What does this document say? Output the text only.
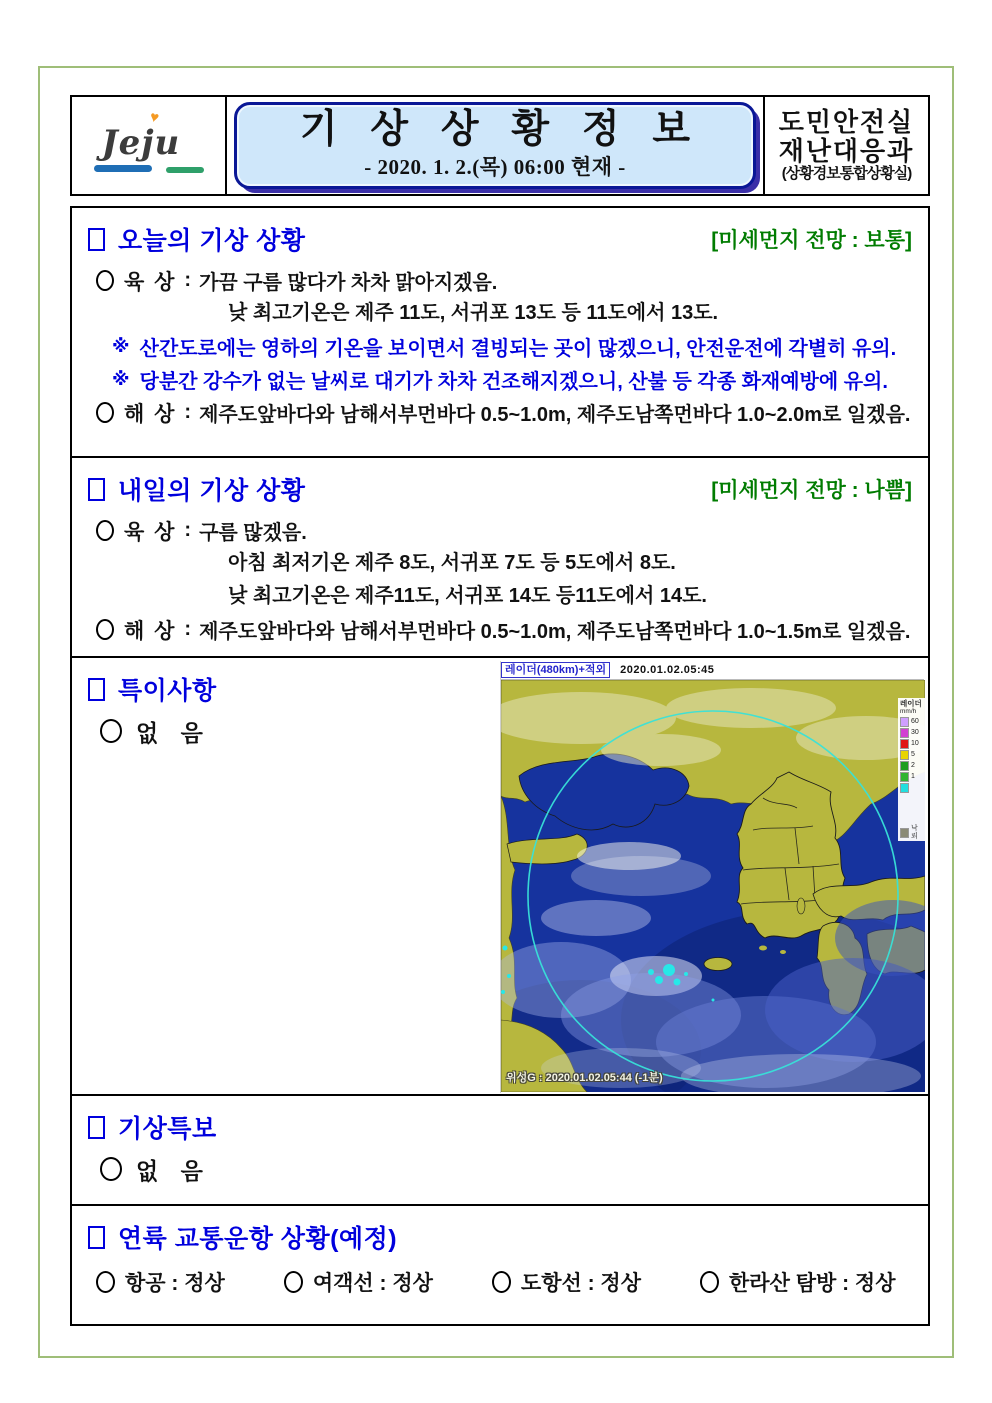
Jeju
♥	기 상 상 황 정 보
- 2020. 1. 2.(목) 06:00 현재 -
도민안전실
재난대응과
(상황경보통합상황실)
오늘의 기상 상황	[미세먼지 전망 : 보통]
육 상 : 가끔 구름 많다가 차차 맑아지겠음.
낮 최고기온은 제주 11도, 서귀포 13도 등 11도에서 13도.
※ 산간도로에는 영하의 기온을 보이면서 결빙되는 곳이 많겠으니, 안전운전에 각별히 유의.
※ 당분간 강수가 없는 날씨로 대기가 차차 건조해지겠으니, 산불 등 각종 화재예방에 유의.
해 상 : 제주도앞바다와 남해서부먼바다 0.5~1.0m, 제주도남쪽먼바다 1.0~2.0m로 일겠음.
내일의 기상 상황	[미세먼지 전망 : 나쁨]
육 상 : 구름 많겠음.
아침 최저기온 제주 8도, 서귀포 7도 등 5도에서 8도.
낮 최고기온은 제주11도, 서귀포 14도 등11도에서 14도.
해 상 : 제주도앞바다와 남해서부먼바다 0.5~1.0m, 제주도남쪽먼바다 1.0~1.5m로 일겠음.
특이사항
없 음
레이더(480km)+적외	2020.01.02.05:45
레이더
mm/h
60
30
10
5
2
1
낙뢰
위성G : 2020.01.02.05:44 (-1분)
기상특보
없 음
연륙 교통운항 상황(예정)
항공 : 정상	여객선 : 정상	도항선 : 정상	한라산 탐방 : 정상
